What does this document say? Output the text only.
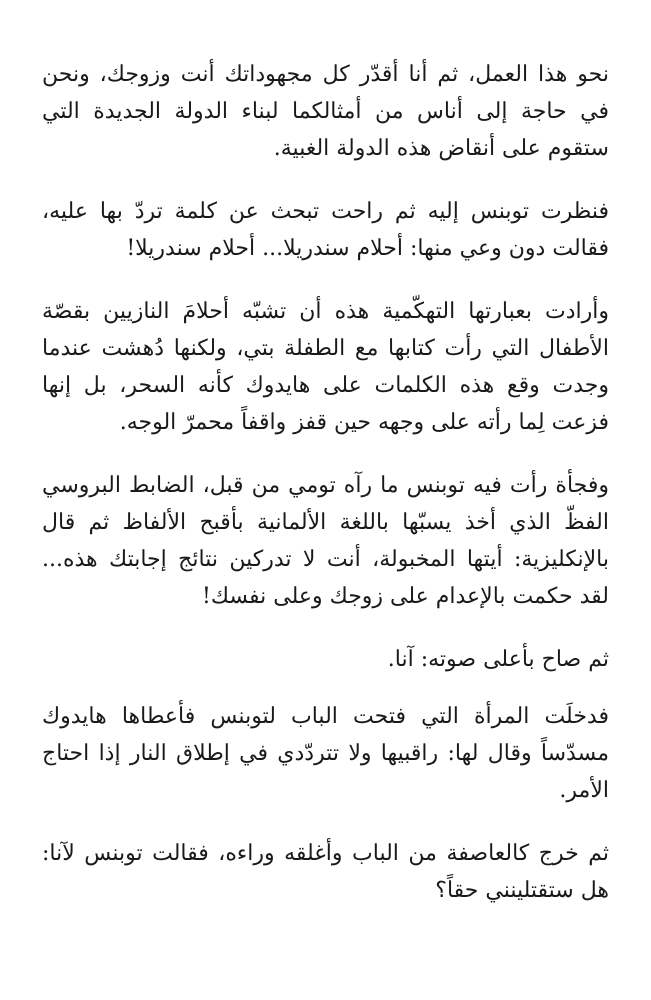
نحو هذا العمل، ثم أنا أقدّر كل مجهوداتك أنت وزوجك، ونحن في حاجة إلى أناس من أمثالكما لبناء الدولة الجديدة التي ستقوم على أنقاض هذه الدولة الغبية.

فنظرت توبنس إليه ثم راحت تبحث عن كلمة تردّ بها عليه، فقالت دون وعي منها: أحلام سندريلا... أحلام سندريلا!

وأرادت بعبارتها التهكّمية هذه أن تشبّه أحلامَ النازيين بقصّة الأطفال التي رأت كتابها مع الطفلة بتي، ولكنها دُهشت عندما وجدت وقع هذه الكلمات على هايدوك كأنه السحر، بل إنها فزعت لِما رأته على وجهه حين قفز واقفاً محمرّ الوجه.

وفجأة رأت فيه توبنس ما رآه تومي من قبل، الضابط البروسي الفظّ الذي أخذ يسبّها باللغة الألمانية بأقبح الألفاظ ثم قال بالإنكليزية: أيتها المخبولة، أنت لا تدركين نتائج إجابتك هذه... لقد حكمت بالإعدام على زوجك وعلى نفسك!

ثم صاح بأعلى صوته: آنا.

فدخلَت المرأة التي فتحت الباب لتوبنس فأعطاها هايدوك مسدّساً وقال لها: راقبيها ولا تتردّدي في إطلاق النار إذا احتاج الأمر.

ثم خرج كالعاصفة من الباب وأغلقه وراءه، فقالت توبنس لآنا: هل ستقتلينني حقاً؟
